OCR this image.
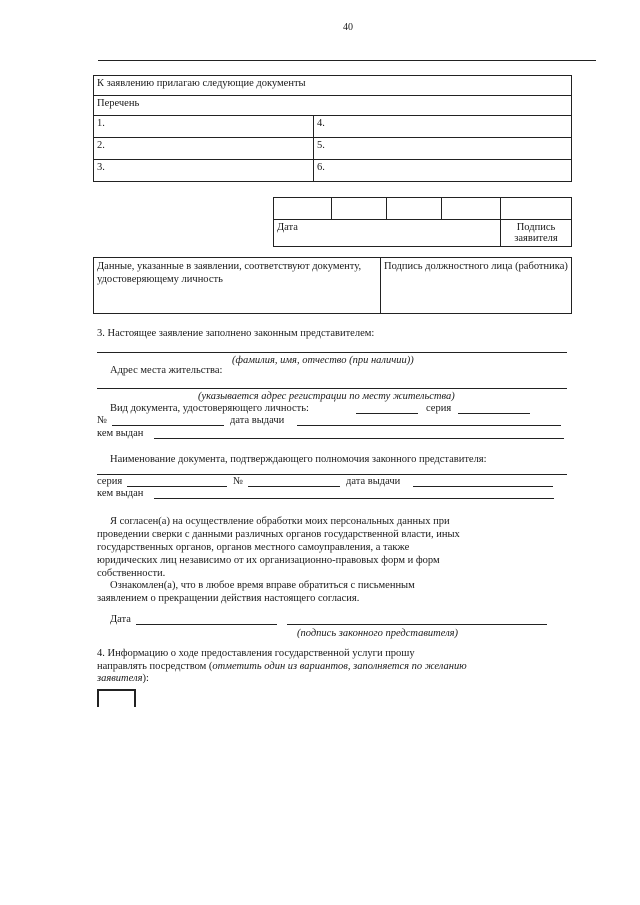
40
К заявлению прилагаю следующие документы	
Перечень	
1.	4.
2.	5.
3.	6.

Дата				Подпись заявителя
Данные, указанные в заявлении, соответствуют документу, удостоверяющему личность	Подпись должностного лица (работника)
3. Настоящее заявление заполнено законным представителем:
(фамилия, имя, отчество (при наличии))
Адрес места жительства:
(указывается адрес регистрации по месту жительства)
Вид документа, удостоверяющего личность:	серия
№	дата выдачи
кем выдан
Наименование документа, подтверждающего полномочия законного представителя:
серия	№	дата выдачи
кем выдан
Я согласен(а) на осуществление обработки моих персональных данных при
проведении сверки с данными различных органов государственной власти, иных
государственных органов, органов местного самоуправления, а также
юридических лиц независимо от их организационно-правовых форм и форм
собственности.
Ознакомлен(а), что в любое время вправе обратиться с письменным
заявлением о прекращении действия настоящего согласия.
Дата
(подпись законного представителя)
4. Информацию о ходе предоставления государственной услуги прошу
направлять посредством (отметить один из вариантов, заполняется по желанию
заявителя):
